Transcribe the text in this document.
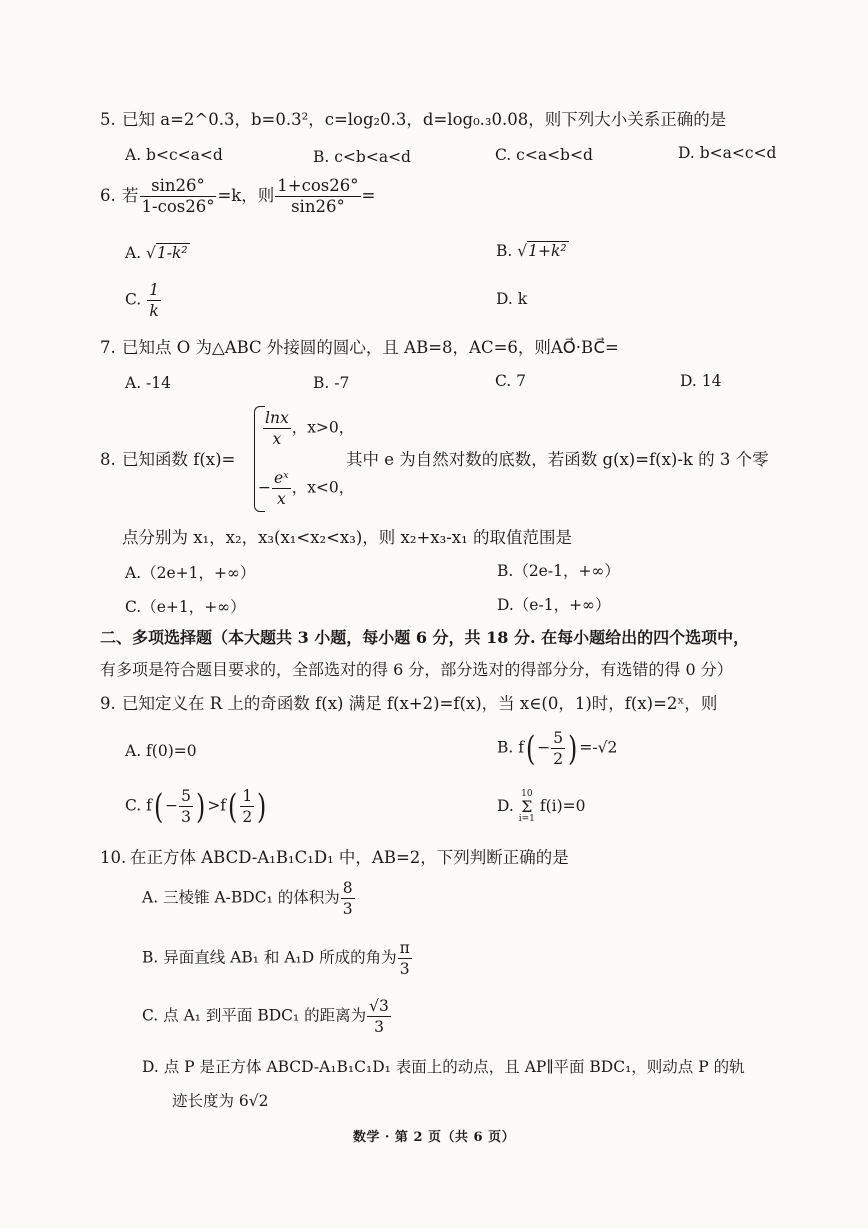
5. 已知 a=2^0.3，b=0.3²，c=log₂0.3，d=log₀.₃0.08，则下列大小关系正确的是
A. b<c<a<d	B. c<b<a<d	C. c<a<b<d	D. b<a<c<d
6. 若 $\frac{\sin 26^\circ}{1-\cos 26^\circ} =k$，则 $\frac{1+\cos 26^\circ}{\sin 26^\circ}$ =
A. √1-k²	B. √1+k²
C. $\frac{1}{k}$	D. k
7. 已知点 O 为△ABC 外接圆的圆心，且 AB=8，AC=6，则AO⃗·BC⃗=
A. -14	B. -7	C. 7	D. 14
8. 已知函数 f(x)=
$\frac{\ln x}{x}$ ，x>0，
− $\frac{\text{eˣ}}{x}$ ，x<0，
其中 e 为自然对数的底数，若函数 g(x)=f(x)-k 的 3 个零
点分别为 x₁，x₂，x₃(x₁<x₂<x₃)，则 x₂+x₃-x₁ 的取值范围是
A.（2e+1，+∞）	B.（2e-1，+∞）
C.（e+1，+∞）	D.（e-1，+∞）
二、多项选择题（本大题共 3 小题，每小题 6 分，共 18 分. 在每小题给出的四个选项中，
有多项是符合题目要求的，全部选对的得 6 分，部分选对的得部分分，有选错的得 0 分）
9. 已知定义在 R 上的奇函数 f(x) 满足 f(x+2)=f(x)，当 x∈(0，1)时，f(x)=2ˣ，则
A. f(0)=0	B. $f( - \frac{5}{2}$ ) =-√2
C. $f( - \frac{5}{3}$ ) $>f( \frac{1}{2}$ )	D. 10
Σ
i=1 f(i)=0
10. 在正方体 ABCD-A₁B₁C₁D₁ 中，AB=2，下列判断正确的是
A. 三棱锥 A-BDC₁ 的体积为 $\frac{8}{3}$
B. 异面直线 AB₁ 和 A₁D 所成的角为 $\frac{\pi}{3}$
C. 点 A₁ 到平面 BDC₁ 的距离为 $\frac{√3}{3}$
D. 点 P 是正方体 ABCD-A₁B₁C₁D₁ 表面上的动点，且 AP∥平面 BDC₁，则动点 P 的轨
迹长度为 6√2
数学 · 第 2 页（共 6 页）
